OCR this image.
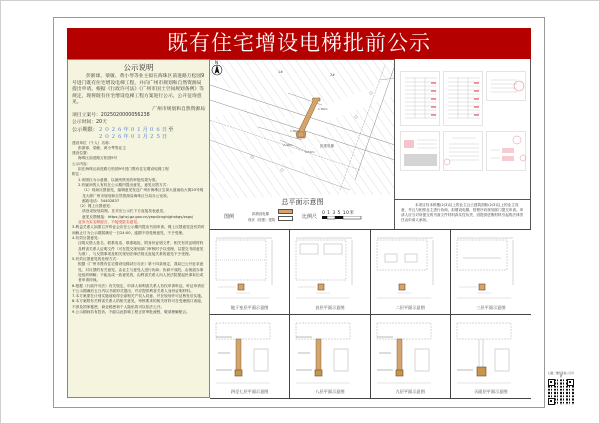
既有住宅增设电梯批前公示
公示说明

彭浙球、梁敏、黄小琴等业主拟在海珠区前进路万松园9号进门既有住宅增设电梯工程，并向广州市规划和自然资源局提出申请。根据《行政许可法》《广州市国土空间规划条例》等规定，现将既有住宅增设电梯工程方案进行公示，公开征询意见。

广州市规划和自然资源局

项目立案号：2025020000056238

公示时间：20天

公示期限：２０２６年０１月０６日至
２０２６年０１月２５日

建设单位（个人）名称：

彭浙球、梁敏、黄小琴等业主

建设位置：

海珠区前进路万松园9号

公示内容：

拟在海珠区前进路万松园9号进门既有住宅增设电梯工程

附注：

1.该图仅为示意图，以最终核发的审批结果为准。

2.有疑问的人有权在公示期内提出意见，意见反馈方式：

（1）现场反馈意见，编辑意见发送广州市海珠区宝岗大道南仙大街20号明龙大厦广州市规划和自然资源局海珠区分局办公室收。

邮政电话：34402837

（2）网上反馈意见：

请登录规划局网，在对应公示栏下方直接发表意见。

意见反馈链接：https://ghzj.gz.gov.cn/yepd/cxgh/ghxkgs/zxgs/

业务为实名制留言，不接受匿名意见。

3.利益关系人如需召开听证会应在公示期内提出书面申请。网上反馈意见及有效时间截止日为公示期届满后一日24:00，逾期不再受理意见，不予受理。

4.有效反馈意见：

注明反馈人姓名、联系电话、联系地址，附身份证明文件、相关有效证明材料及利害关系人证明文件（可在提交规划部门审核时予以受理，以提交书面意见为准），与反馈事项及相关规划法律法规无直接关系的意见不予受理。

5.有效反馈意见的处理方式：

根据《广州市既有住宅增设电梯试行办法》第十四条规定，我局已公开征求意见，对反馈的有关意见，由业主与意见人进行协商；协商不成的，由街道办事处组织调解；不能达成一致意见的，由利害关系人向人民法院提起民事诉讼或者申请仲裁。

6.根据《行政许可法》有关规定，申请人和利害关系人有权申请听证。听证申请应于公示期满后五日内以书面形式提出，并应提供利害关系人身份证明材料。

7.本方案需在计划实施前取得全部相关产权人同意，并在规划许可证核发后实施。

8.本方案附有关利害关系人的相关意见，审核要求的相关材料可在受理窗口查阅，不涉及国家秘密、商业秘密和个人隐私的可以依法公开。

9.公示期间若有投诉，不能以此影响工程正常审批流程，敬请理解配合。

拟建电梯
1.80m
1.80m
2.40m
1.50m
1#
2#
总平面示意图
图例	拟增设电梯
现状（待建）建筑	比例尺
0 1 3 5 10米
N
本项目经本栋楼(2/3)以上的业主且占建筑面积(2/3)以上的业主同意，并且与相邻业主进行协商，拟增设电梯，按程序向规划部门提交申请。申请人应当对所提交的书面文件材料真实性负责，因提供虚假材料引起的法律责任由申请人承担。
地下室层平面示意图	首层平面示意图	二层平面示意图	三层平面示意图
四至七层平面示意图	八层平面示意图	九层平面示意图	天面层平面示意图
扫描二维码查看公示详情
